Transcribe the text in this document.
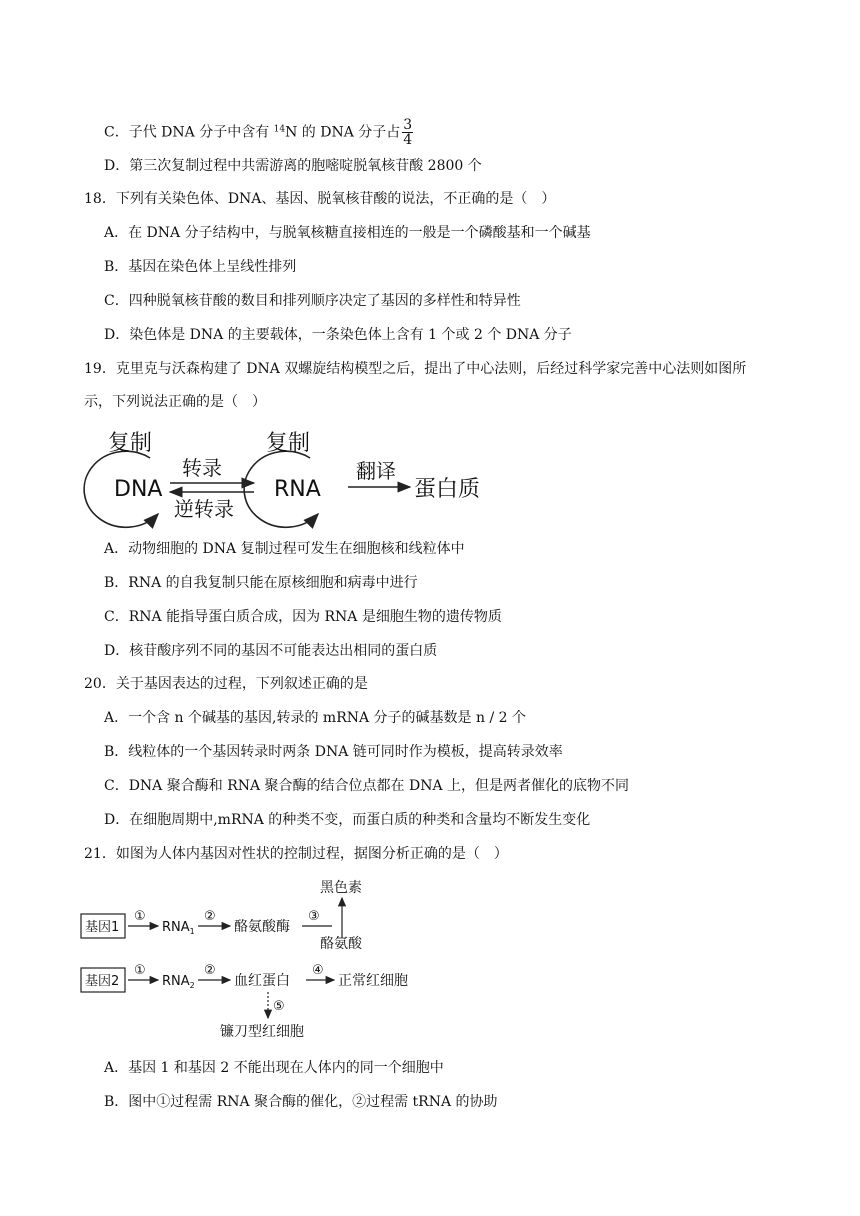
C．子代 DNA 分子中含有 $^{14}$N 的 DNA 分子占 $\frac{3}{4}$
D．第三次复制过程中共需游离的胞嘧啶脱氧核苷酸 2800 个
18．下列有关染色体、DNA、基因、脱氧核苷酸的说法，不正确的是（　）
A．在 DNA 分子结构中，与脱氧核糖直接相连的一般是一个磷酸基和一个碱基
B．基因在染色体上呈线性排列
C．四种脱氧核苷酸的数目和排列顺序决定了基因的多样性和特异性
D．染色体是 DNA 的主要载体，一条染色体上含有 1 个或 2 个 DNA 分子
19．克里克与沃森构建了 DNA 双螺旋结构模型之后，提出了中心法则，后经过科学家完善中心法则如图所
示，下列说法正确的是（　）
复制
DNA
转录
逆转录
复制
RNA
翻译
蛋白质
A．动物细胞的 DNA 复制过程可发生在细胞核和线粒体中
B．RNA 的自我复制只能在原核细胞和病毒中进行
C．RNA 能指导蛋白质合成，因为 RNA 是细胞生物的遗传物质
D．核苷酸序列不同的基因不可能表达出相同的蛋白质
20．关于基因表达的过程，下列叙述正确的是
A．一个含 n 个碱基的基因,转录的 mRNA 分子的碱基数是 n / 2 个
B．线粒体的一个基因转录时两条 DNA 链可同时作为模板，提高转录效率
C．DNA 聚合酶和 RNA 聚合酶的结合位点都在 DNA 上，但是两者催化的底物不同
D．在细胞周期中,mRNA 的种类不变，而蛋白质的种类和含量均不断发生变化
21．如图为人体内基因对性状的控制过程，据图分析正确的是（　）
基因1
①
$RNA_1$
②
酪氨酸酶
③
黑色素
酪氨酸
基因2
①
$RNA_2$
②
血红蛋白
④
正常红细胞
⑤
镰刀型红细胞
A．基因 1 和基因 2 不能出现在人体内的同一个细胞中
B．图中①过程需 RNA 聚合酶的催化，②过程需 tRNA 的协助
